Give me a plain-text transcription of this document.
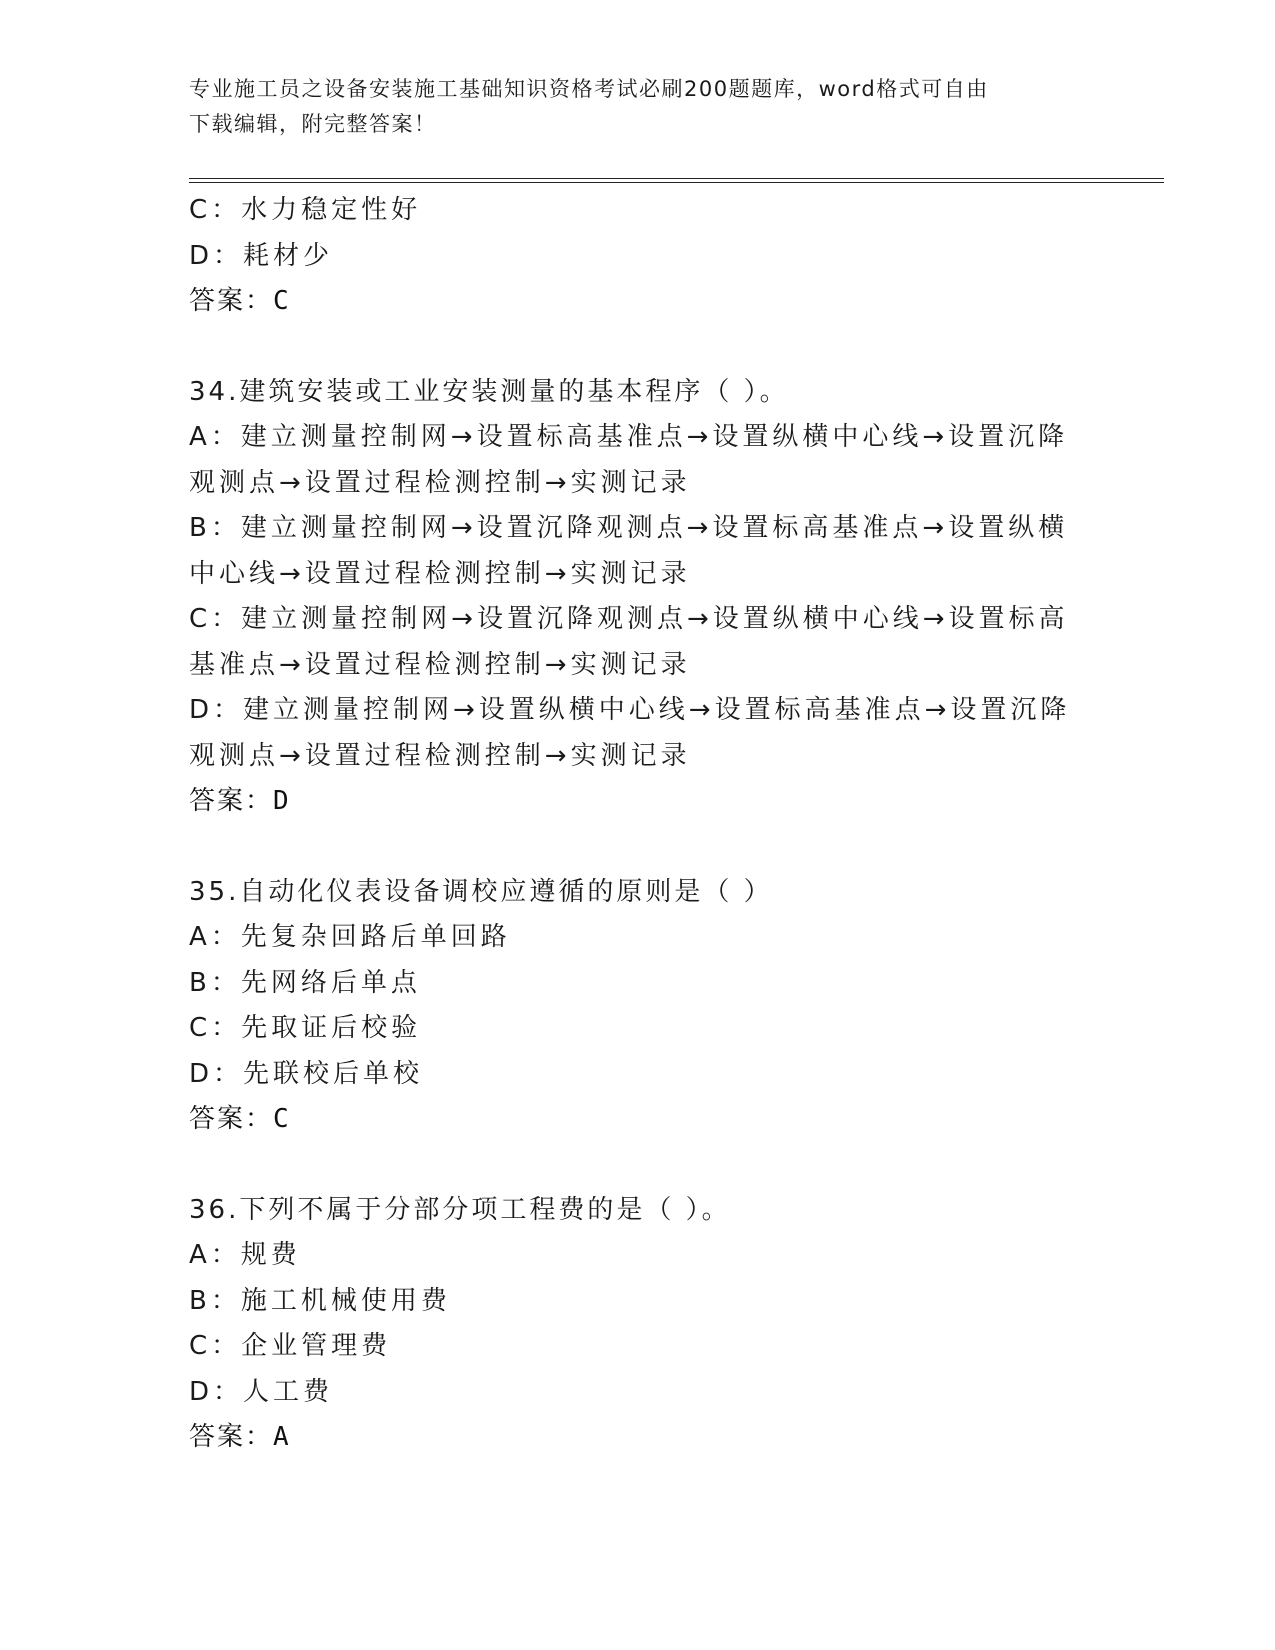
专业施工员之设备安装施工基础知识资格考试必刷200题题库，word格式可自由
下载编辑，附完整答案！
C：水力稳定性好
D：耗材少
答案：C
34.建筑安装或工业安装测量的基本程序（ ）。
A：建立测量控制网→设置标高基准点→设置纵横中心线→设置沉降观测点→设置过程检测控制→实测记录
B：建立测量控制网→设置沉降观测点→设置标高基准点→设置纵横中心线→设置过程检测控制→实测记录
C：建立测量控制网→设置沉降观测点→设置纵横中心线→设置标高基准点→设置过程检测控制→实测记录
D：建立测量控制网→设置纵横中心线→设置标高基准点→设置沉降观测点→设置过程检测控制→实测记录
答案：D
35.自动化仪表设备调校应遵循的原则是（ ）
A：先复杂回路后单回路
B：先网络后单点
C：先取证后校验
D：先联校后单校
答案：C
36.下列不属于分部分项工程费的是（ ）。
A：规费
B：施工机械使用费
C：企业管理费
D：人工费
答案：A
